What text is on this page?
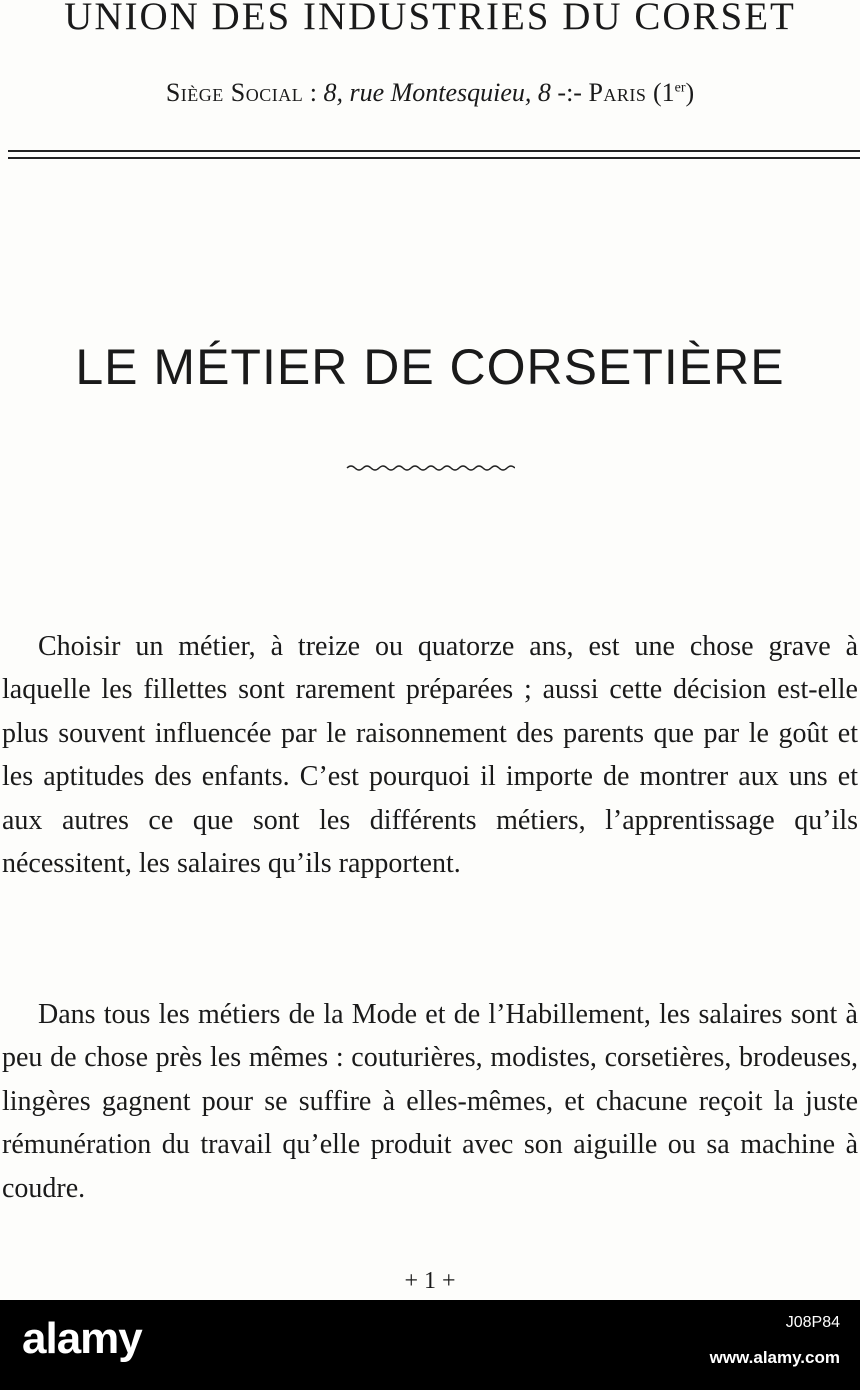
UNION DES INDUSTRIES DU CORSET
Siège Social : 8, rue Montesquieu, 8 -:- Paris (1er)
LE MÉTIER DE CORSETIÈRE

Choisir un métier, à treize ou quatorze ans, est une chose grave à laquelle les fillettes sont rarement préparées ; aussi cette décision est-elle plus souvent influencée par le raisonnement des parents que par le goût et les aptitudes des enfants. C’est pourquoi il importe de montrer aux uns et aux autres ce que sont les différents métiers, l’apprentissage qu’ils nécessitent, les salaires qu’ils rapportent.

Dans tous les métiers de la Mode et de l’Habillement, les salaires sont à peu de chose près les mêmes : couturières, modistes, corsetières, brodeuses, lingères gagnent pour se suffire à elles-mêmes, et chacune reçoit la juste rémunération du travail qu’elle produit avec son aiguille ou sa machine à coudre.

+ 1 +
alamy	J08P84
www.alamy.com
